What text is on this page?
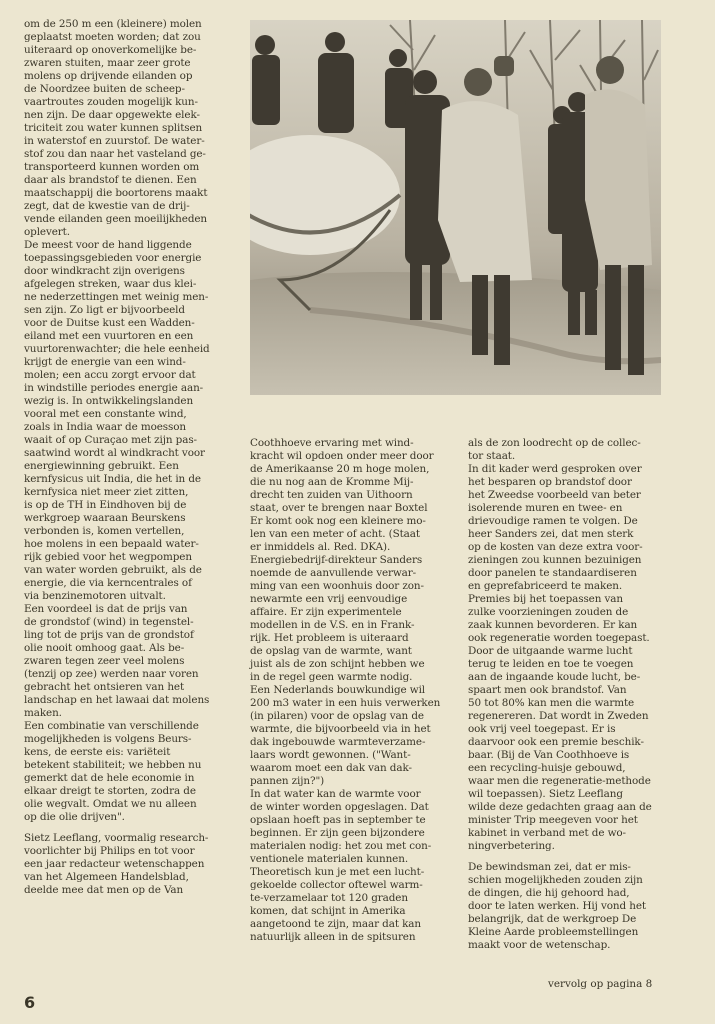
om de 250 m een (kleinere) molen
geplaatst moeten worden; dat zou
uiteraard op onoverkomelijke be-
zwaren stuiten, maar zeer grote
molens op drijvende eilanden op
de Noordzee buiten de scheep-
vaartroutes zouden mogelijk kun-
nen zijn. De daar opgewekte elek-
triciteit zou water kunnen splitsen
in waterstof en zuurstof. De water-
stof zou dan naar het vasteland ge-
transporteerd kunnen worden om
daar als brandstof te dienen. Een
maatschappij die boortorens maakt
zegt, dat de kwestie van de drij-
vende eilanden geen moeilijkheden
oplevert.

De meest voor de hand liggende
toepassingsgebieden voor energie
door windkracht zijn overigens
afgelegen streken, waar dus klei-
ne nederzettingen met weinig men-
sen zijn. Zo ligt er bijvoorbeeld
voor de Duitse kust een Wadden-
eiland met een vuurtoren en een
vuurtorenwachter; die hele eenheid
krijgt de energie van een wind-
molen; een accu zorgt ervoor dat
in windstille periodes energie aan-
wezig is. In ontwikkelingslanden
vooral met een constante wind,
zoals in India waar de moesson
waait of op Curaçao met zijn pas-
saatwind wordt al windkracht voor
energiewinning gebruikt. Een
kernfysicus uit India, die het in de
kernfysica niet meer ziet zitten,
is op de TH in Eindhoven bij de
werkgroep waaraan Beurskens
verbonden is, komen vertellen,
hoe molens in een bepaald water-
rijk gebied voor het wegpompen
van water worden gebruikt, als de
energie, die via kerncentrales of
via benzinemotoren uitvalt.

Een voordeel is dat de prijs van
de grondstof (wind) in tegenstel-
ling tot de prijs van de grondstof
olie nooit omhoog gaat. Als be-
zwaren tegen zeer veel molens
(tenzij op zee) werden naar voren
gebracht het ontsieren van het
landschap en het lawaai dat molens
maken.

Een combinatie van verschillende
mogelijkheden is volgens Beurs-
kens, de eerste eis: variëteit
betekent stabiliteit; we hebben nu
gemerkt dat de hele economie in
elkaar dreigt te storten, zodra de
olie wegvalt. Omdat we nu alleen
op die olie drijven".

Sietz Leeflang, voormalig research-
voorlichter bij Philips en tot voor
een jaar redacteur wetenschappen
van het Algemeen Handelsblad,
deelde mee dat men op de Van

Coothhoeve ervaring met wind-
kracht wil opdoen onder meer door
de Amerikaanse 20 m hoge molen,
die nu nog aan de Kromme Mij-
drecht ten zuiden van Uithoorn
staat, over te brengen naar Boxtel

Er komt ook nog een kleinere mo-
len van een meter of acht. (Staat
er inmiddels al. Red. DKA).

Energiebedrijf-direkteur Sanders
noemde de aanvullende verwar-
ming van een woonhuis door zon-
newarmte een vrij eenvoudige
affaire. Er zijn experimentele
modellen in de V.S. en in Frank-
rijk. Het probleem is uiteraard
de opslag van de warmte, want
juist als de zon schijnt hebben we
in de regel geen warmte nodig.

Een Nederlands bouwkundige wil
200 m3 water in een huis verwerken
(in pilaren) voor de opslag van de
warmte, die bijvoorbeeld via in het
dak ingebouwde warmteverzame-
laars wordt gewonnen. ("Want-
waarom moet een dak van dak-
pannen zijn?")

In dat water kan de warmte voor
de winter worden opgeslagen. Dat
opslaan hoeft pas in september te
beginnen. Er zijn geen bijzondere
materialen nodig: het zou met con-
ventionele materialen kunnen.
Theoretisch kun je met een lucht-
gekoelde collector oftewel warm-
te-verzamelaar tot 120 graden
komen, dat schijnt in Amerika
aangetoond te zijn, maar dat kan
natuurlijk alleen in de spitsuren

als de zon loodrecht op de collec-
tor staat.

In dit kader werd gesproken over
het besparen op brandstof door
het Zweedse voorbeeld van beter
isolerende muren en twee- en
drievoudige ramen te volgen. De
heer Sanders zei, dat men sterk
op de kosten van deze extra voor-
zieningen zou kunnen bezuinigen
door panelen te standaardiseren
en geprefabriceerd te maken.
Premies bij het toepassen van
zulke voorzieningen zouden de
zaak kunnen bevorderen. Er kan
ook regeneratie worden toegepast.
Door de uitgaande warme lucht
terug te leiden en toe te voegen
aan de ingaande koude lucht, be-
spaart men ook brandstof. Van
50 tot 80% kan men die warmte
regenereren. Dat wordt in Zweden
ook vrij veel toegepast. Er is
daarvoor ook een premie beschik-
baar. (Bij de Van Coothhoeve is
een recycling-huisje gebouwd,
waar men die regeneratie-methode
wil toepassen). Sietz Leeflang
wilde deze gedachten graag aan de
minister Trip meegeven voor het
kabinet in verband met de wo-
ningverbetering.

De bewindsman zei, dat er mis-
schien mogelijkheden zouden zijn
de dingen, die hij gehoord had,
door te laten werken. Hij vond het
belangrijk, dat de werkgroep De
Kleine Aarde probleemstellingen
maakt voor de wetenschap.

vervolg op pagina 8
6
